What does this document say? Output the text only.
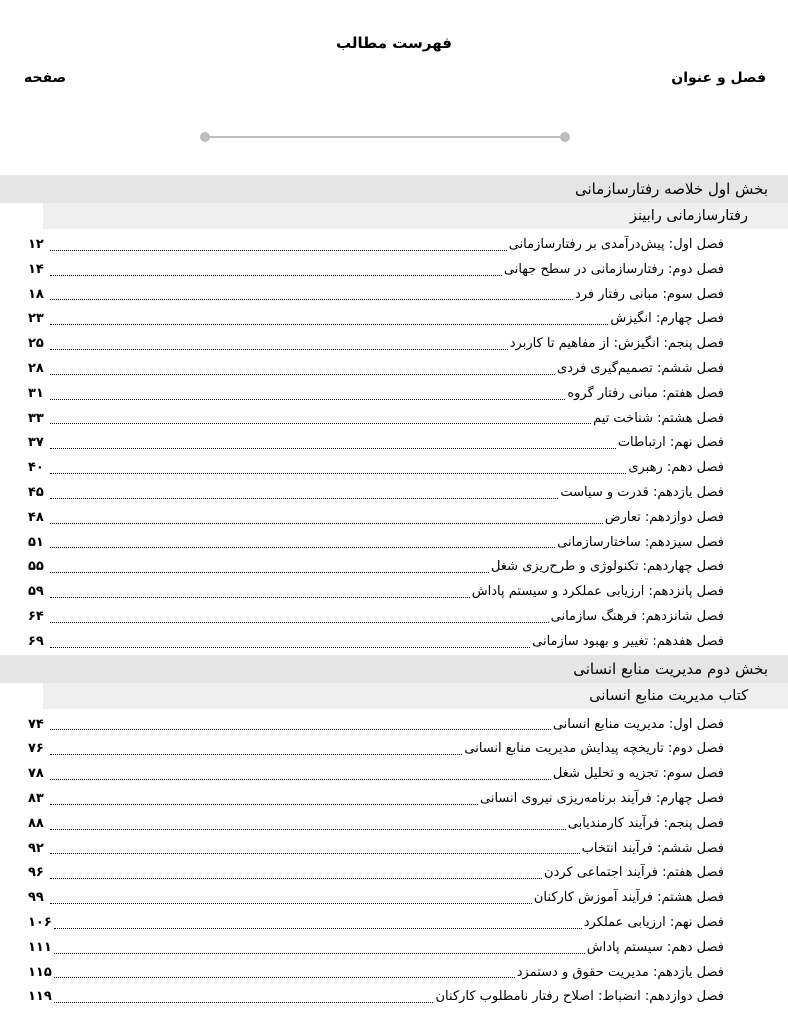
فهرست مطالب
فصل و عنوان
صفحه
بخش اول خلاصه رفتارسازمانی
رفتارسازمانی رابینز
فصل اول: پیش‌درآمدی بر رفتارسازمانی
۱۲
فصل دوم: رفتارسازمانی در سطح جهانی
۱۴
فصل سوم: مبانی رفتار فرد
۱۸
فصل چهارم: انگیزش
۲۳
فصل پنجم: انگیزش: از مفاهیم تا کاربرد
۲۵
فصل ششم: تصمیم‌گیری فردی
۲۸
فصل هفتم: مبانی رفتار گروه
۳۱
فصل هشتم: شناخت تیم
۳۳
فصل نهم: ارتباطات
۳۷
فصل دهم: رهبری
۴۰
فصل یازدهم: قدرت و سیاست
۴۵
فصل دوازدهم: تعارض
۴۸
فصل سیزدهم: ساختارسازمانی
۵۱
فصل چهاردهم: تکنولوژی و طرح‌ریزی شغل
۵۵
فصل پانزدهم: ارزیابی عملکرد و سیستم پاداش
۵۹
فصل شانزدهم: فرهنگ سازمانی
۶۴
فصل هفدهم: تغییر و بهبود سازمانی
۶۹
بخش دوم مدیریت منابع انسانی
کتاب مدیریت منابع انسانی
فصل اول: مدیریت منابع انسانی
۷۴
فصل دوم: تاریخچه پیدایش مدیریت منابع انسانی
۷۶
فصل سوم: تجزیه و تحلیل شغل
۷۸
فصل چهارم: فرآیند برنامه‌ریزی نیروی انسانی
۸۳
فصل پنجم: فرآیند کارمندیابی
۸۸
فصل ششم: فرآیند انتخاب
۹۲
فصل هفتم: فرآیند اجتماعی کردن
۹۶
فصل هشتم: فرآیند آموزش کارکنان
۹۹
فصل نهم: ارزیابی عملکرد
۱۰۶
فصل دهم: سیستم پاداش
۱۱۱
فصل یازدهم: مدیریت حقوق و دستمزد
۱۱۵
فصل دوازدهم: انضباط: اصلاح رفتار نامطلوب کارکنان
۱۱۹
